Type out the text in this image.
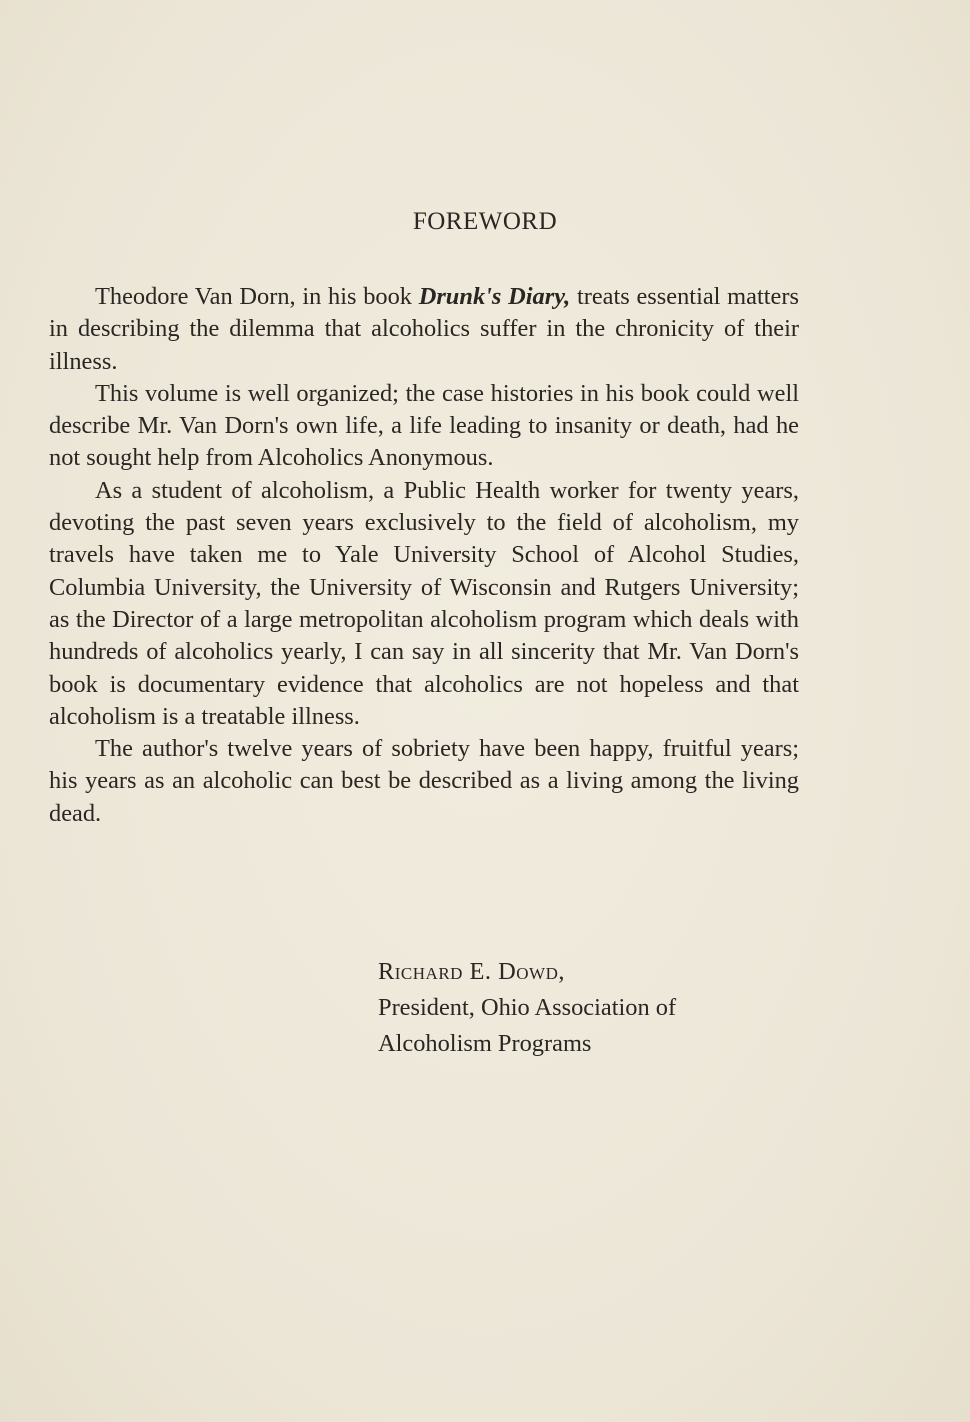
FOREWORD

Theodore Van Dorn, in his book Drunk's Diary, treats essential matters in describing the dilemma that alcoholics suffer in the chronicity of their illness.

This volume is well organized; the case histories in his book could well describe Mr. Van Dorn's own life, a life leading to insanity or death, had he not sought help from Alcoholics Anonymous.

As a student of alcoholism, a Public Health worker for twenty years, devoting the past seven years exclusively to the field of alcoholism, my travels have taken me to Yale University School of Alcohol Studies, Columbia University, the University of Wisconsin and Rutgers University; as the Director of a large metropolitan alcoholism program which deals with hundreds of alcoholics yearly, I can say in all sincerity that Mr. Van Dorn's book is documentary evidence that alcoholics are not hopeless and that alcoholism is a treatable illness.

The author's twelve years of sobriety have been happy, fruitful years; his years as an alcoholic can best be described as a living among the living dead.

Richard E. Dowd,
President, Ohio Association of
Alcoholism Programs
